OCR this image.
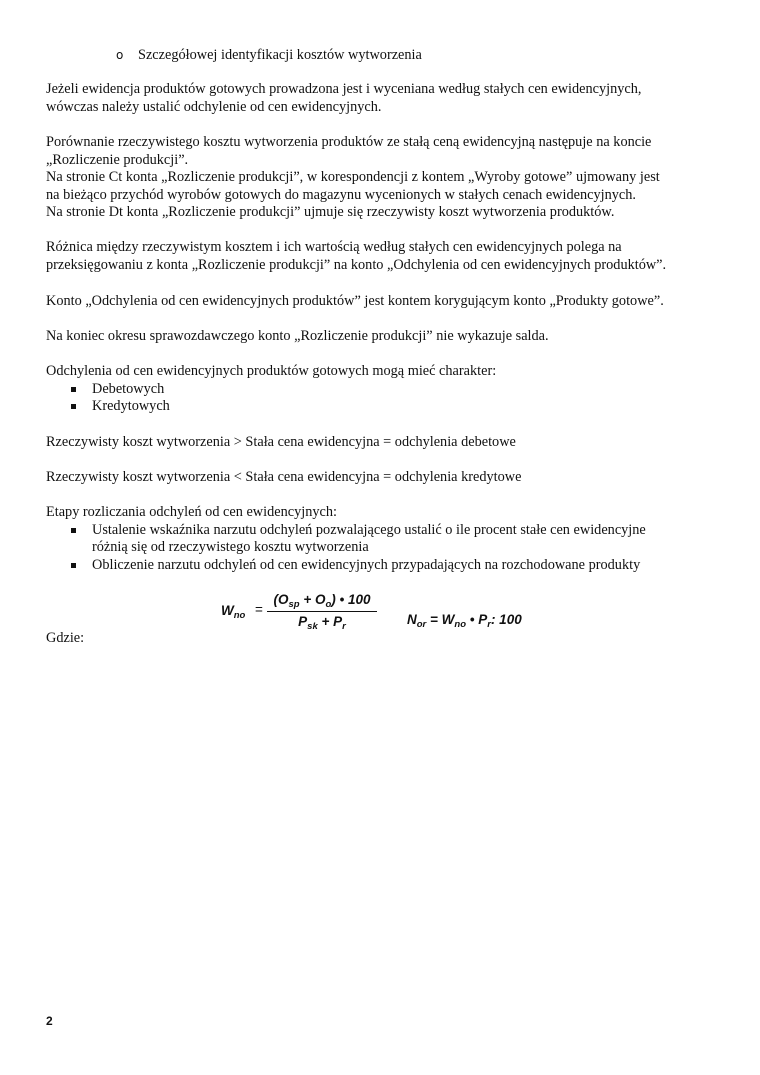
o Szczegółowej identyfikacji kosztów wytworzenia
Jeżeli ewidencja produktów gotowych prowadzona jest i wyceniana według stałych cen ewidencyjnych,
wówczas należy ustalić odchylenie od cen ewidencyjnych.
Porównanie rzeczywistego kosztu wytworzenia produktów ze stałą ceną ewidencyjną następuje na koncie
„Rozliczenie produkcji”.
Na stronie Ct konta „Rozliczenie produkcji”, w korespondencji z kontem „Wyroby gotowe” ujmowany jest
na bieżąco przychód wyrobów gotowych do magazynu wycenionych w stałych cenach ewidencyjnych.
Na stronie Dt konta „Rozliczenie produkcji” ujmuje się rzeczywisty koszt wytworzenia produktów.
Różnica między rzeczywistym kosztem i ich wartością według stałych cen ewidencyjnych polega na
przeksięgowaniu z konta „Rozliczenie produkcji” na konto „Odchylenia od cen ewidencyjnych produktów”.
Konto „Odchylenia od cen ewidencyjnych produktów” jest kontem korygującym konto „Produkty gotowe”.
Na koniec okresu sprawozdawczego konto „Rozliczenie produkcji” nie wykazuje salda.
Odchylenia od cen ewidencyjnych produktów gotowych mogą mieć charakter:
Debetowych
Kredytowych
Rzeczywisty koszt wytworzenia > Stała cena ewidencyjna = odchylenia debetowe
Rzeczywisty koszt wytworzenia < Stała cena ewidencyjna = odchylenia kredytowe
Etapy rozliczania odchyleń od cen ewidencyjnych:
Ustalenie wskaźnika narzutu odchyleń pozwalającego ustalić o ile procent stałe cen ewidencyjne
różnią się od rzeczywistego kosztu wytworzenia
Obliczenie narzutu odchyleń od cen ewidencyjnych przypadających na rozchodowane produkty
$W_{no}$ =
$(O_{sp} + O_o)$ • 100
$P_{sk} + P_r$	$N_{or} = W_{no}$ • $P_r$: 100
Gdzie:
2
